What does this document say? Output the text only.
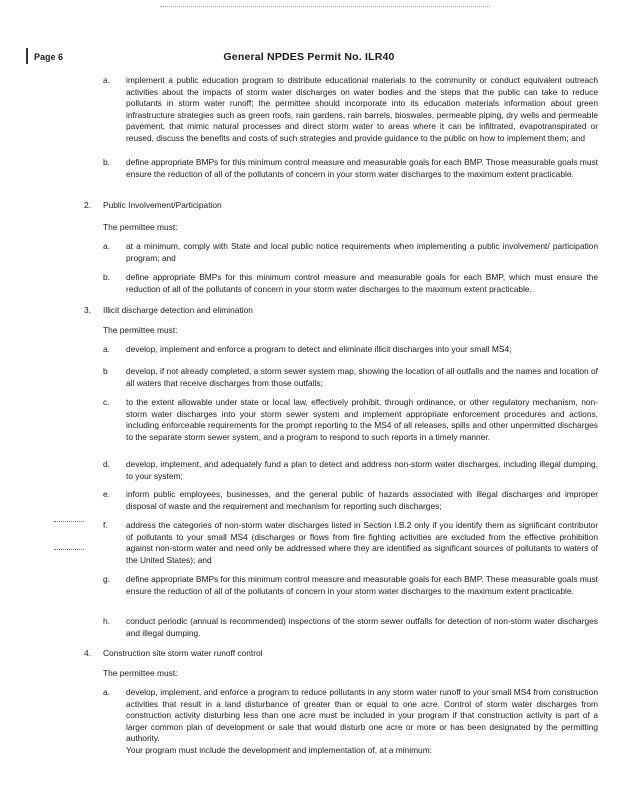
Page 6	General NPDES Permit No. ILR40
a. implement a public education program to distribute educational materials to the community or conduct equivalent outreach activities about the impacts of storm water discharges on water bodies and the steps that the public can take to reduce pollutants in storm water runoff; the permittee should incorporate into its education materials information about green infrastructure strategies such as green roofs, rain gardens, rain barrels, bioswales, permeable piping, dry wells and permeable pavement, that mimic natural processes and direct storm water to areas where it can be infiltrated, evapotranspirated or reused, discuss the benefits and costs of such strategies and provide guidance to the public on how to implement them; and
b. define appropriate BMPs for this minimum control measure and measurable goals for each BMP. Those measurable goals must ensure the reduction of all of the pollutants of concern in your storm water discharges to the maximum extent practicable.
2. Public Involvement/Participation
The permittee must:
a. at a minimum, comply with State and local public notice requirements when implementing a public involvement/ participation program; and
b. define appropriate BMPs for this minimum control measure and measurable goals for each BMP, which must ensure the reduction of all of the pollutants of concern in your storm water discharges to the maximum extent practicable.
3. Illicit discharge detection and elimination
The permittee must:
a. develop, implement and enforce a program to detect and eliminate illicit discharges into your small MS4;
b develop, if not already completed, a storm sewer system map, showing the location of all outfalls and the names and location of all waters that receive discharges from those outfalls;
c. to the extent allowable under state or local law, effectively prohibit, through ordinance, or other regulatory mechanism, non-storm water discharges into your storm sewer system and implement appropriate enforcement procedures and actions, including enforceable requirements for the prompt reporting to the MS4 of all releases, spills and other unpermitted discharges to the separate storm sewer system, and a program to respond to such reports in a timely manner.
d. develop, implement, and adequately fund a plan to detect and address non-storm water discharges, including illegal dumping, to your system;
e. inform public employees, businesses, and the general public of hazards associated with illegal discharges and improper disposal of waste and the requirement and mechanism for reporting such discharges;
f. address the categories of non-storm water discharges listed in Section I.B.2 only if you identify them as significant contributor of pollutants to your small MS4 (discharges or flows from fire fighting activities are excluded from the effective prohibition against non-storm water and need only be addressed where they are identified as significant sources of pollutants to waters of the United States); and
g. define appropriate BMPs for this minimum control measure and measurable goals for each BMP. These measurable goals must ensure the reduction of all of the pollutants of concern in your storm water discharges to the maximum extent practicable.
h. conduct periodic (annual is recommended) inspections of the storm sewer outfalls for detection of non-storm water discharges and illegal dumping.
4. Construction site storm water runoff control
The permittee must:
a. develop, implement, and enforce a program to reduce pollutants in any storm water runoff to your small MS4 from construction activities that result in a land disturbance of greater than or equal to one acre. Control of storm water discharges from construction activity disturbing less than one acre must be included in your program if that construction activity is part of a larger common plan of development or sale that would disturb one acre or more or has been designated by the permitting authority.
Your program must include the development and implementation of, at a minimum:
